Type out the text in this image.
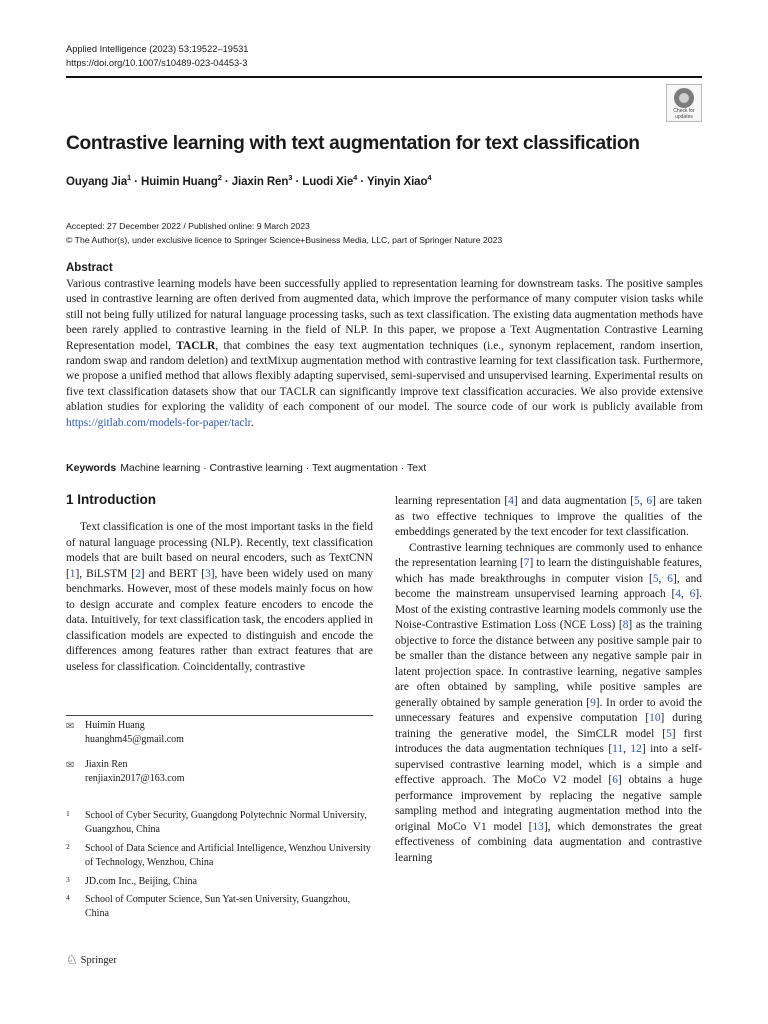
Applied Intelligence (2023) 53:19522–19531
https://doi.org/10.1007/s10489-023-04453-3
Check for
updates
Contrastive learning with text augmentation for text classification
Ouyang Jia$^1$ · Huimin Huang$^2$ · Jiaxin Ren$^3$ · Luodi Xie$^4$ · Yinyin Xiao$^4$
Accepted: 27 December 2022 / Published online: 9 March 2023
© The Author(s), under exclusive licence to Springer Science+Business Media, LLC, part of Springer Nature 2023
Abstract

Various contrastive learning models have been successfully applied to representation learning for downstream tasks. The positive samples used in contrastive learning are often derived from augmented data, which improve the performance of many computer vision tasks while still not being fully utilized for natural language processing tasks, such as text classification. The existing data augmentation methods have been rarely applied to contrastive learning in the field of NLP. In this paper, we propose a Text Augmentation Contrastive Learning Representation model, TACLR, that combines the easy text augmentation techniques (i.e., synonym replacement, random insertion, random swap and random deletion) and textMixup augmentation method with contrastive learning for text classification task. Furthermore, we propose a unified method that allows flexibly adapting supervised, semi-supervised and unsupervised learning. Experimental results on five text classification datasets show that our TACLR can significantly improve text classification accuracies. We also provide extensive ablation studies for exploring the validity of each component of our model. The source code of our work is publicly available from https://gitlab.com/models-for-paper/taclr.

Keywords Machine learning · Contrastive learning · Text augmentation · Text
1 Introduction

Text classification is one of the most important tasks in the field of natural language processing (NLP). Recently, text classification models that are built based on neural encoders, such as TextCNN [1], BiLSTM [2] and BERT [3], have been widely used on many benchmarks. However, most of these models mainly focus on how to design accurate and complex feature encoders to encode the data. Intuitively, for text classification task, the encoders applied in classification models are expected to distinguish and encode the differences among features rather than extract features that are useless for classification. Coincidentally, contrastive

learning representation [4] and data augmentation [5, 6] are taken as two effective techniques to improve the qualities of the embeddings generated by the text encoder for text classification.

Contrastive learning techniques are commonly used to enhance the representation learning [7] to learn the distinguishable features, which has made breakthroughs in computer vision [5, 6], and become the mainstream unsupervised learning approach [4, 6]. Most of the existing contrastive learning models commonly use the Noise-Contrastive Estimation Loss (NCE Loss) [8] as the training objective to force the distance between any positive sample pair to be smaller than the distance between any negative sample pair in latent projection space. In contrastive learning, negative samples are often obtained by sampling, while positive samples are generally obtained by sample generation [9]. In order to avoid the unnecessary features and expensive computation [10] during training the generative model, the SimCLR model [5] first introduces the data augmentation techniques [11, 12] into a self-supervised contrastive learning model, which is a simple and effective approach. The MoCo V2 model [6] obtains a huge performance improvement by replacing the negative sample sampling method and integrating augmentation method into the original MoCo V1 model [13], which demonstrates the great effectiveness of combining data augmentation and contrastive learning

✉ Huimin Huang
huanghm45@gmail.com
✉ Jiaxin Ren
renjiaxin2017@163.com
1 School of Cyber Security, Guangdong Polytechnic Normal University, Guangzhou, China
2 School of Data Science and Artificial Intelligence, Wenzhou University of Technology, Wenzhou, China
3 JD.com Inc., Beijing, China
4 School of Computer Science, Sun Yat-sen University, Guangzhou, China
♘ Springer
